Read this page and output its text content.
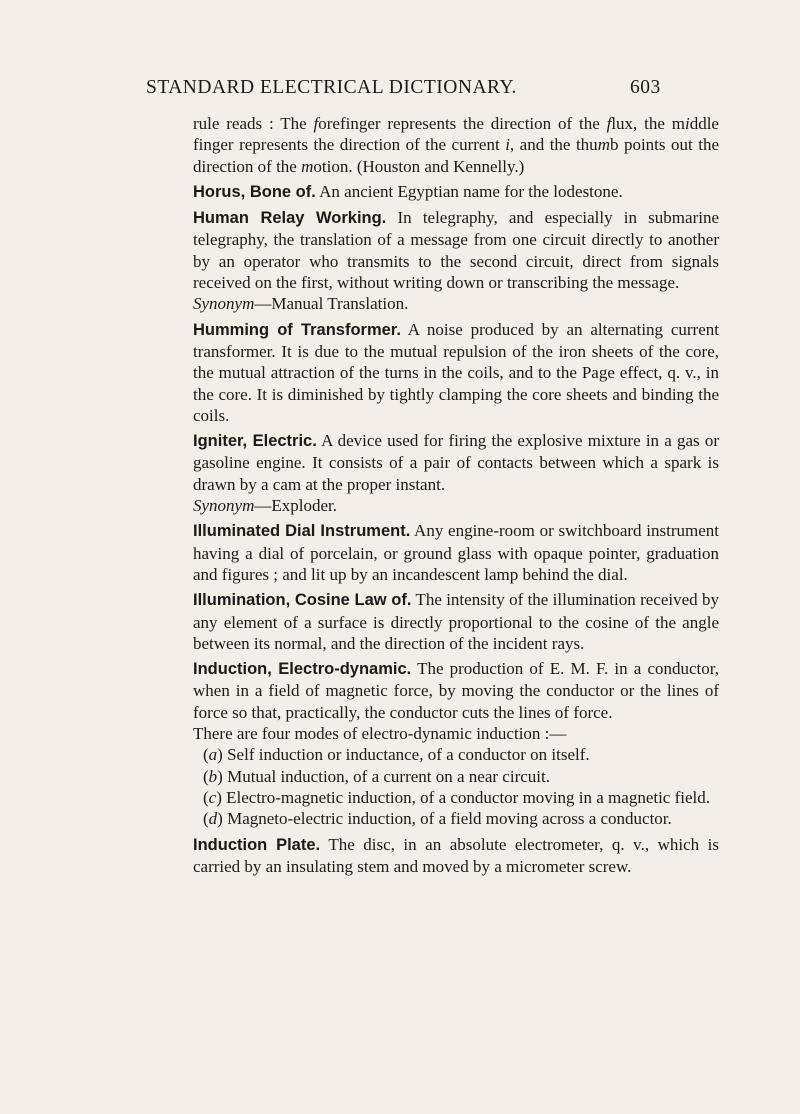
STANDARD ELECTRICAL DICTIONARY.	603

rule reads : The forefinger represents the direction of the flux, the middle finger represents the direction of the current i, and the thumb points out the direction of the motion. (Houston and Kennelly.)

Horus, Bone of. An ancient Egyptian name for the lodestone.

Human Relay Working. In telegraphy, and especially in submarine telegraphy, the translation of a message from one circuit directly to another by an operator who transmits to the second circuit, direct from signals received on the first, without writing down or transcribing the message.

Synonym—Manual Translation.

Humming of Transformer. A noise produced by an alternating current transformer. It is due to the mutual repulsion of the iron sheets of the core, the mutual attraction of the turns in the coils, and to the Page effect, q. v., in the core. It is diminished by tightly clamping the core sheets and binding the coils.

Igniter, Electric. A device used for firing the explosive mixture in a gas or gasoline engine. It consists of a pair of contacts between which a spark is drawn by a cam at the proper instant.

Synonym—Exploder.

Illuminated Dial Instrument. Any engine-room or switchboard instrument having a dial of porcelain, or ground glass with opaque pointer, graduation and figures ; and lit up by an incandescent lamp behind the dial.

Illumination, Cosine Law of. The intensity of the illumination received by any element of a surface is directly proportional to the cosine of the angle between its normal, and the direction of the incident rays.

Induction, Electro-dynamic. The production of E. M. F. in a conductor, when in a field of magnetic force, by moving the conductor or the lines of force so that, practically, the conductor cuts the lines of force.

There are four modes of electro-dynamic induction :—

(a) Self induction or inductance, of a conductor on itself.

(b) Mutual induction, of a current on a near circuit.

(c) Electro-magnetic induction, of a conductor moving in a magnetic field.

(d) Magneto-electric induction, of a field moving across a conductor.

Induction Plate. The disc, in an absolute electrometer, q. v., which is carried by an insulating stem and moved by a micrometer screw.
